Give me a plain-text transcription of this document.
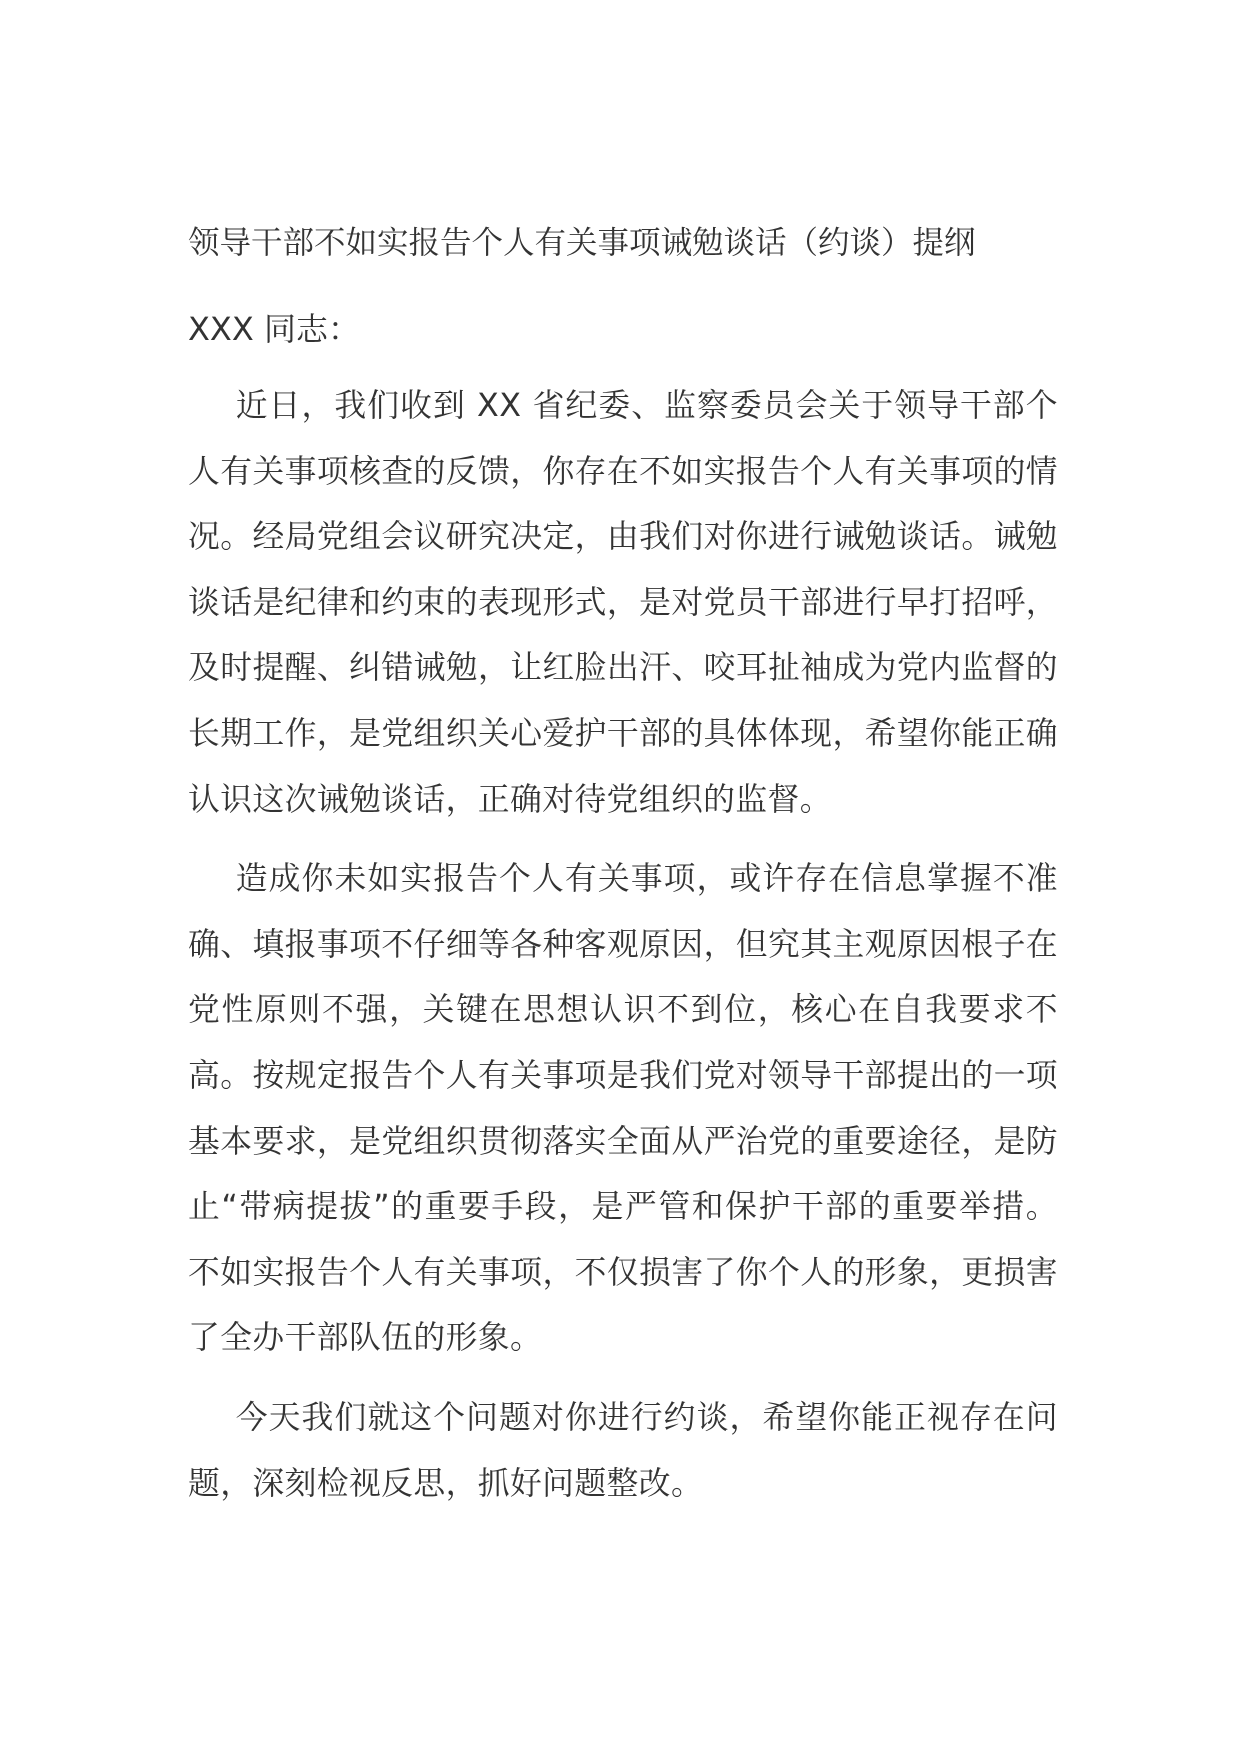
领导干部不如实报告个人有关事项诫勉谈话（约谈）提纲

XXX 同志：

近日，我们收到 XX 省纪委、监察委员会关于领导干部个人有关事项核查的反馈，你存在不如实报告个人有关事项的情况。经局党组会议研究决定，由我们对你进行诫勉谈话。诫勉谈话是纪律和约束的表现形式，是对党员干部进行早打招呼，及时提醒、纠错诫勉，让红脸出汗、咬耳扯袖成为党内监督的长期工作，是党组织关心爱护干部的具体体现，希望你能正确认识这次诫勉谈话，正确对待党组织的监督。

造成你未如实报告个人有关事项，或许存在信息掌握不准确、填报事项不仔细等各种客观原因，但究其主观原因根子在党性原则不强，关键在思想认识不到位，核心在自我要求不高。按规定报告个人有关事项是我们党对领导干部提出的一项基本要求，是党组织贯彻落实全面从严治党的重要途径，是防止“带病提拔”的重要手段，是严管和保护干部的重要举措。不如实报告个人有关事项，不仅损害了你个人的形象，更损害了全办干部队伍的形象。

今天我们就这个问题对你进行约谈，希望你能正视存在问题，深刻检视反思，抓好问题整改。
